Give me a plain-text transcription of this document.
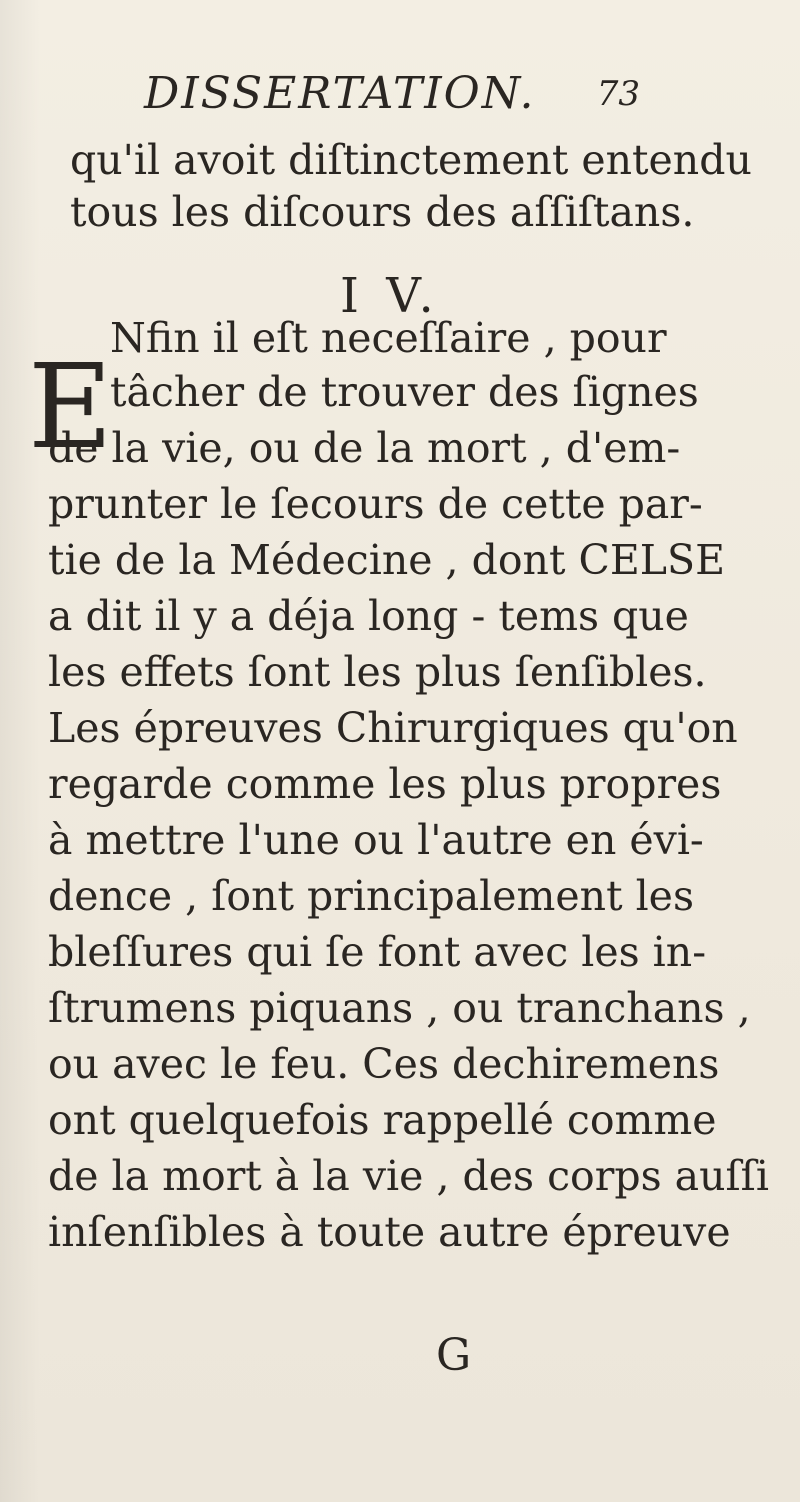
DISSERTATION. 73
qu'il avoit diſtinctement entendu
tous les diſcours des aſſiſtans.
I V.
E
Nfin il eſt neceſſaire , pour
tâcher de trouver des ſignes
de la vie, ou de la mort , d'em-
prunter le ſecours de cette par-
tie de la Médecine , dont CELSE
a dit il y a déja long - tems que
les effets ſont les plus ſenſibles.
Les épreuves Chirurgiques qu'on
regarde comme les plus propres
à mettre l'une ou l'autre en évi-
dence , ſont principalement les
bleſſures qui ſe font avec les in-
ſtrumens piquans , ou tranchans ,
ou avec le feu. Ces dechiremens
ont quelquefois rappellé comme
de la mort à la vie , des corps auſſi
inſenſibles à toute autre épreuve
G
